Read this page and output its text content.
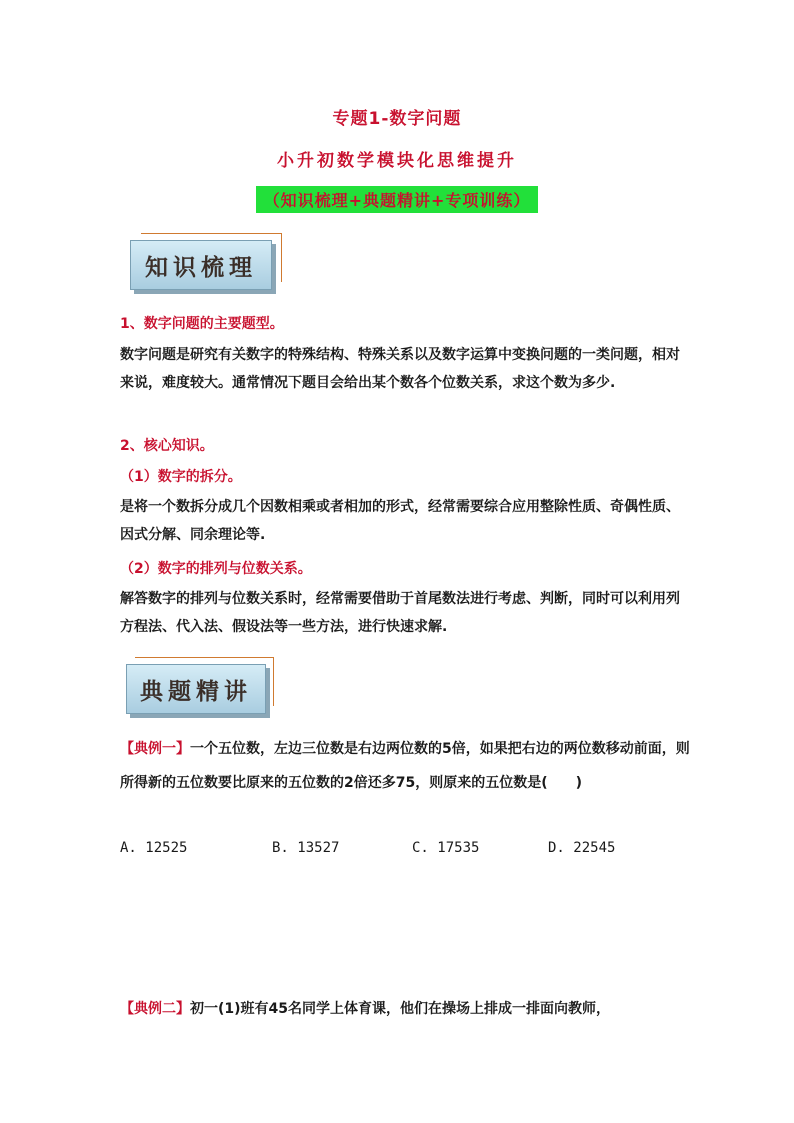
专题1-数字问题
小升初数学模块化思维提升
（知识梳理+典题精讲+专项训练）
知识梳理
1、数字问题的主要题型。
数字问题是研究有关数字的特殊结构、特殊关系以及数字运算中变换问题的一类问题，相对来说，难度较大。通常情况下题目会给出某个数各个位数关系，求这个数为多少.
2、核心知识。
（1）数字的拆分。
是将一个数拆分成几个因数相乘或者相加的形式，经常需要综合应用整除性质、奇偶性质、因式分解、同余理论等.
（2）数字的排列与位数关系。
解答数字的排列与位数关系时，经常需要借助于首尾数法进行考虑、判断，同时可以利用列方程法、代入法、假设法等一些方法，进行快速求解.
典题精讲
【典例一】一个五位数，左边三位数是右边两位数的5倍，如果把右边的两位数移动前面，则所得新的五位数要比原来的五位数的2倍还多75，则原来的五位数是(　　)
A. 12525	B. 13527	C. 17535	D. 22545
【典例二】初一(1)班有45名同学上体育课，他们在操场上排成一排面向教师，
